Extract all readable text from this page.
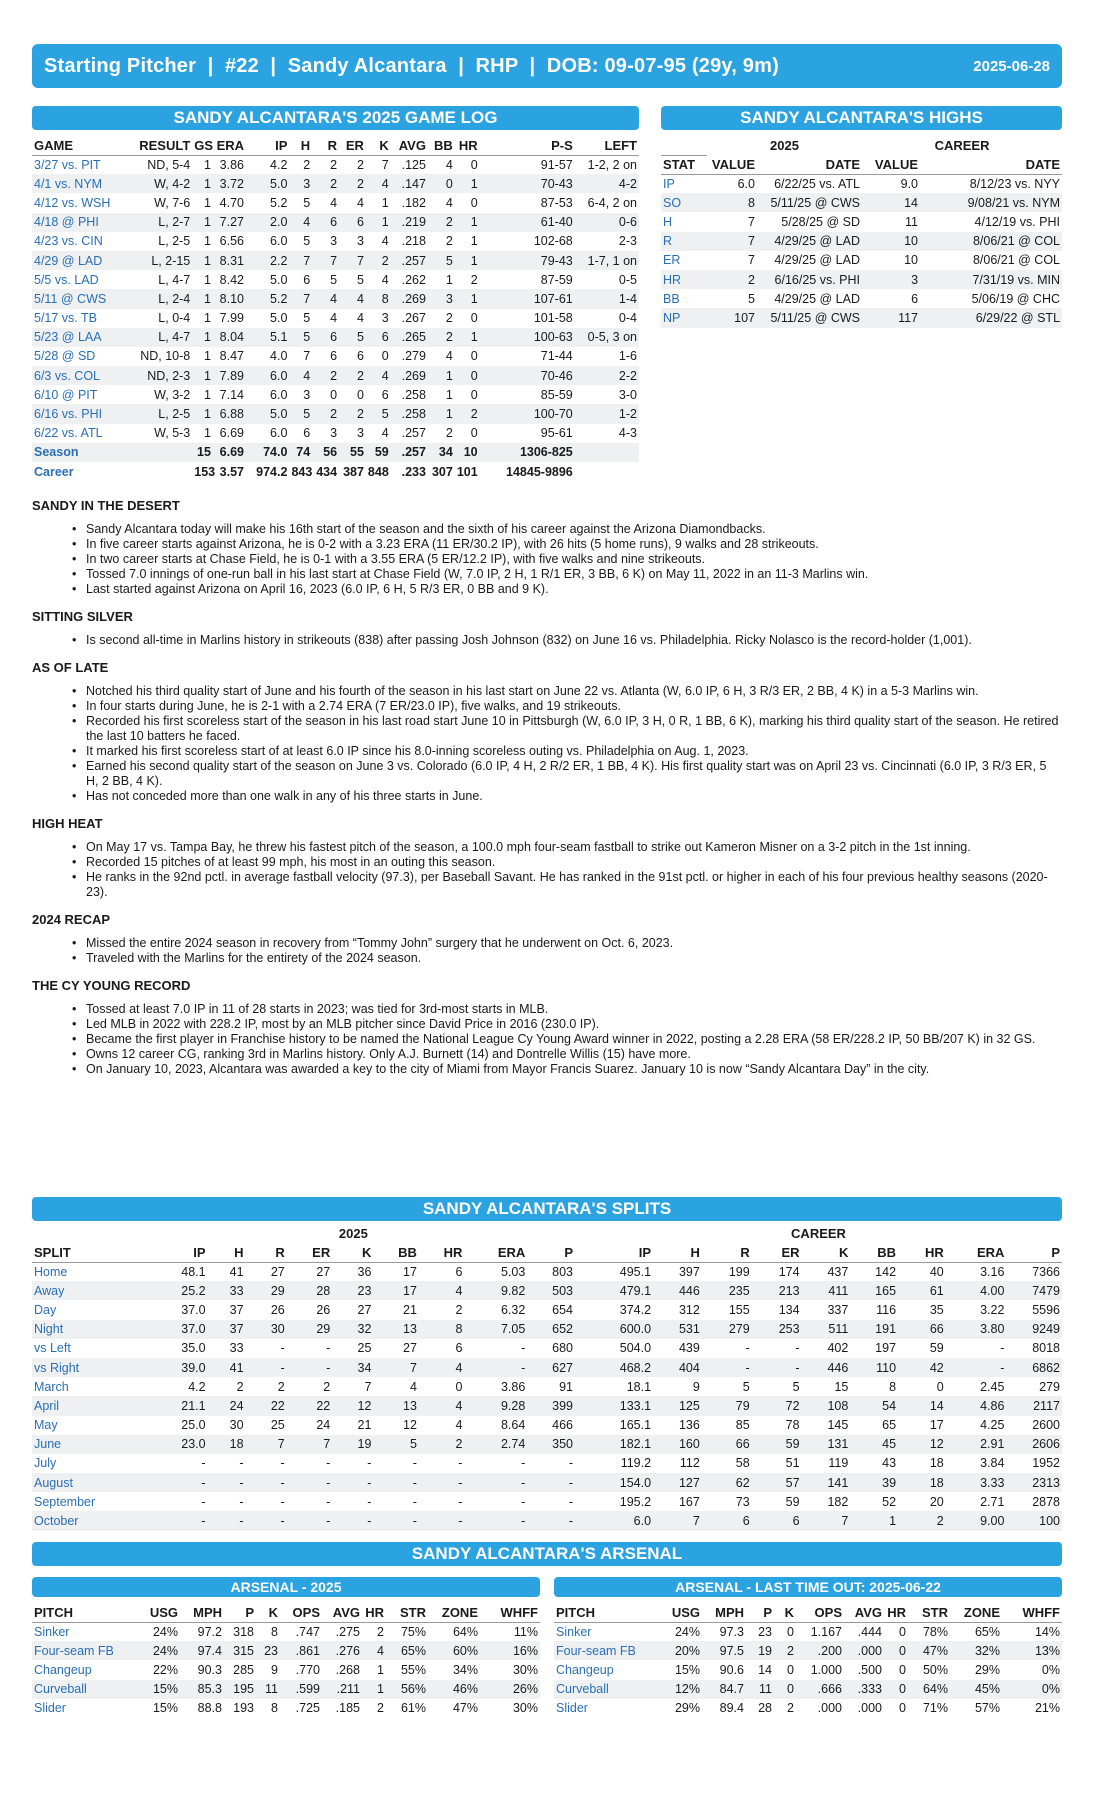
Starting Pitcher  |  #22  |  Sandy Alcantara  |  RHP  |  DOB: 09-07-95 (29y, 9m)	2025-06-28
SANDY ALCANTARA'S 2025 GAME LOG
GAME	RESULT	GS	ERA	IP	H	R	ER	K	AVG	BB	HR	P-S	LEFT
3/27 vs. PIT	ND, 5-4	1	3.86	4.2	2	2	2	7	.125	4	0	91-57	1-2, 2 on
4/1 vs. NYM	W, 4-2	1	3.72	5.0	3	2	2	4	.147	0	1	70-43	4-2
4/12 vs. WSH	W, 7-6	1	4.70	5.2	5	4	4	1	.182	4	0	87-53	6-4, 2 on
4/18 @ PHI	L, 2-7	1	7.27	2.0	4	6	6	1	.219	2	1	61-40	0-6
4/23 vs. CIN	L, 2-5	1	6.56	6.0	5	3	3	4	.218	2	1	102-68	2-3
4/29 @ LAD	L, 2-15	1	8.31	2.2	7	7	7	2	.257	5	1	79-43	1-7, 1 on
5/5 vs. LAD	L, 4-7	1	8.42	5.0	6	5	5	4	.262	1	2	87-59	0-5
5/11 @ CWS	L, 2-4	1	8.10	5.2	7	4	4	8	.269	3	1	107-61	1-4
5/17 vs. TB	L, 0-4	1	7.99	5.0	5	4	4	3	.267	2	0	101-58	0-4
5/23 @ LAA	L, 4-7	1	8.04	5.1	5	6	5	6	.265	2	1	100-63	0-5, 3 on
5/28 @ SD	ND, 10-8	1	8.47	4.0	7	6	6	0	.279	4	0	71-44	1-6
6/3 vs. COL	ND, 2-3	1	7.89	6.0	4	2	2	4	.269	1	0	70-46	2-2
6/10 @ PIT	W, 3-2	1	7.14	6.0	3	0	0	6	.258	1	0	85-59	3-0
6/16 vs. PHI	L, 2-5	1	6.88	5.0	5	2	2	5	.258	1	2	100-70	1-2
6/22 vs. ATL	W, 5-3	1	6.69	6.0	6	3	3	4	.257	2	0	95-61	4-3
Season		15	6.69	74.0	74	56	55	59	.257	34	10	1306-825	
Career		153	3.57	974.2	843	434	387	848	.233	307	101	14845-9896	
SANDY ALCANTARA'S HIGHS
	2025		CAREER	
STAT	VALUE	DATE	VALUE	DATE
IP	6.0	6/22/25 vs. ATL	9.0	8/12/23 vs. NYY
SO	8	5/11/25 @ CWS	14	9/08/21 vs. NYM
H	7	5/28/25 @ SD	11	4/12/19 vs. PHI
R	7	4/29/25 @ LAD	10	8/06/21 @ COL
ER	7	4/29/25 @ LAD	10	8/06/21 @ COL
HR	2	6/16/25 vs. PHI	3	7/31/19 vs. MIN
BB	5	4/29/25 @ LAD	6	5/06/19 @ CHC
NP	107	5/11/25 @ CWS	117	6/29/22 @ STL
SANDY IN THE DESERT
• Sandy Alcantara today will make his 16th start of the season and the sixth of his career against the Arizona Diamondbacks.
• In five career starts against Arizona, he is 0-2 with a 3.23 ERA (11 ER/30.2 IP), with 26 hits (5 home runs), 9 walks and 28 strikeouts.
• In two career starts at Chase Field, he is 0-1 with a 3.55 ERA (5 ER/12.2 IP), with five walks and nine strikeouts.
• Tossed 7.0 innings of one-run ball in his last start at Chase Field (W, 7.0 IP, 2 H, 1 R/1 ER, 3 BB, 6 K) on May 11, 2022 in an 11-3 Marlins win.
• Last started against Arizona on April 16, 2023 (6.0 IP, 6 H, 5 R/3 ER, 0 BB and 9 K).
SITTING SILVER
• Is second all-time in Marlins history in strikeouts (838) after passing Josh Johnson (832) on June 16 vs. Philadelphia. Ricky Nolasco is the record-holder (1,001).
AS OF LATE
• Notched his third quality start of June and his fourth of the season in his last start on June 22 vs. Atlanta (W, 6.0 IP, 6 H, 3 R/3 ER, 2 BB, 4 K) in a 5-3 Marlins win.
• In four starts during June, he is 2-1 with a 2.74 ERA (7 ER/23.0 IP), five walks, and 19 strikeouts.
• Recorded his first scoreless start of the season in his last road start June 10 in Pittsburgh (W, 6.0 IP, 3 H, 0 R, 1 BB, 6 K), marking his third quality start of the season. He retired the last 10 batters he faced.
• It marked his first scoreless start of at least 6.0 IP since his 8.0-inning scoreless outing vs. Philadelphia on Aug. 1, 2023.
• Earned his second quality start of the season on June 3 vs. Colorado (6.0 IP, 4 H, 2 R/2 ER, 1 BB, 4 K). His first quality start was on April 23 vs. Cincinnati (6.0 IP, 3 R/3 ER, 5 H, 2 BB, 4 K).
• Has not conceded more than one walk in any of his three starts in June.
HIGH HEAT
• On May 17 vs. Tampa Bay, he threw his fastest pitch of the season, a 100.0 mph four-seam fastball to strike out Kameron Misner on a 3-2 pitch in the 1st inning.
• Recorded 15 pitches of at least 99 mph, his most in an outing this season.
• He ranks in the 92nd pctl. in average fastball velocity (97.3), per Baseball Savant. He has ranked in the 91st pctl. or higher in each of his four previous healthy seasons (2020-23).
2024 RECAP
• Missed the entire 2024 season in recovery from “Tommy John” surgery that he underwent on Oct. 6, 2023.
• Traveled with the Marlins for the entirety of the 2024 season.
THE CY YOUNG RECORD
• Tossed at least 7.0 IP in 11 of 28 starts in 2023; was tied for 3rd-most starts in MLB.
• Led MLB in 2022 with 228.2 IP, most by an MLB pitcher since David Price in 2016 (230.0 IP).
• Became the first player in Franchise history to be named the National League Cy Young Award winner in 2022, posting a 2.28 ERA (58 ER/228.2 IP, 50 BB/207 K) in 32 GS.
• Owns 12 career CG, ranking 3rd in Marlins history. Only A.J. Burnett (14) and Dontrelle Willis (15) have more.
• On January 10, 2023, Alcantara was awarded a key to the city of Miami from Mayor Francis Suarez. January 10 is now “Sandy Alcantara Day” in the city.
SANDY ALCANTARA'S SPLITS
	2025									CAREER								
SPLIT	IP	H	R	ER	K	BB	HR	ERA	P	IP	H	R	ER	K	BB	HR	ERA	P
Home	48.1	41	27	27	36	17	6	5.03	803	495.1	397	199	174	437	142	40	3.16	7366
Away	25.2	33	29	28	23	17	4	9.82	503	479.1	446	235	213	411	165	61	4.00	7479
Day	37.0	37	26	26	27	21	2	6.32	654	374.2	312	155	134	337	116	35	3.22	5596
Night	37.0	37	30	29	32	13	8	7.05	652	600.0	531	279	253	511	191	66	3.80	9249
vs Left	35.0	33	-	-	25	27	6	-	680	504.0	439	-	-	402	197	59	-	8018
vs Right	39.0	41	-	-	34	7	4	-	627	468.2	404	-	-	446	110	42	-	6862
March	4.2	2	2	2	7	4	0	3.86	91	18.1	9	5	5	15	8	0	2.45	279
April	21.1	24	22	22	12	13	4	9.28	399	133.1	125	79	72	108	54	14	4.86	2117
May	25.0	30	25	24	21	12	4	8.64	466	165.1	136	85	78	145	65	17	4.25	2600
June	23.0	18	7	7	19	5	2	2.74	350	182.1	160	66	59	131	45	12	2.91	2606
July	-	-	-	-	-	-	-	-	-	119.2	112	58	51	119	43	18	3.84	1952
August	-	-	-	-	-	-	-	-	-	154.0	127	62	57	141	39	18	3.33	2313
September	-	-	-	-	-	-	-	-	-	195.2	167	73	59	182	52	20	2.71	2878
October	-	-	-	-	-	-	-	-	-	6.0	7	6	6	7	1	2	9.00	100
SANDY ALCANTARA'S ARSENAL
ARSENAL - 2025
PITCH	USG	MPH	P	K	OPS	AVG	HR	STR	ZONE	WHFF
Sinker	24%	97.2	318	8	.747	.275	2	75%	64%	11%
Four-seam FB	24%	97.4	315	23	.861	.276	4	65%	60%	16%
Changeup	22%	90.3	285	9	.770	.268	1	55%	34%	30%
Curveball	15%	85.3	195	11	.599	.211	1	56%	46%	26%
Slider	15%	88.8	193	8	.725	.185	2	61%	47%	30%
ARSENAL - LAST TIME OUT: 2025-06-22
PITCH	USG	MPH	P	K	OPS	AVG	HR	STR	ZONE	WHFF
Sinker	24%	97.3	23	0	1.167	.444	0	78%	65%	14%
Four-seam FB	20%	97.5	19	2	.200	.000	0	47%	32%	13%
Changeup	15%	90.6	14	0	1.000	.500	0	50%	29%	0%
Curveball	12%	84.7	11	0	.666	.333	0	64%	45%	0%
Slider	29%	89.4	28	2	.000	.000	0	71%	57%	21%
